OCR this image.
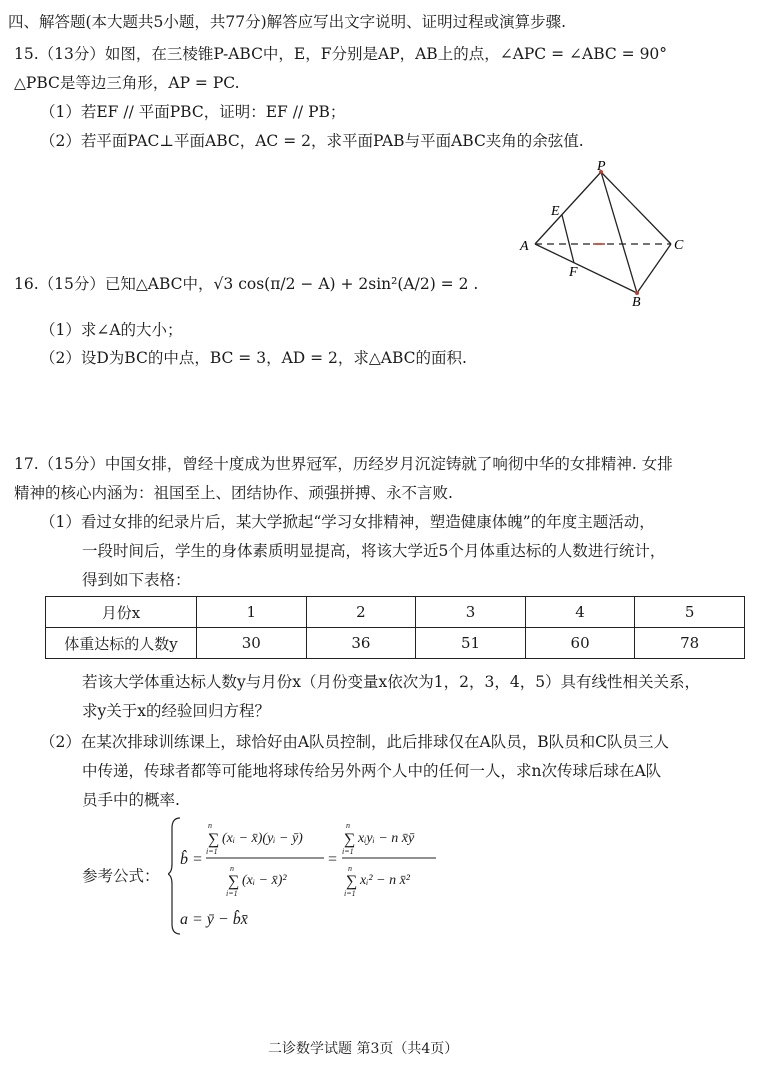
四、解答题(本大题共5小题，共77分)解答应写出文字说明、证明过程或演算步骤.
15.（13分）如图，在三棱锥P-ABC中，E，F分别是AP，AB上的点，∠APC = ∠ABC = 90°
△PBC是等边三角形，AP = PC.
（1）若EF // 平面PBC，证明：EF // PB；
（2）若平面PAC⊥平面ABC，AC = 2，求平面PAB与平面ABC夹角的余弦值.
P
E
A	C
F
B
16.（15分）已知△ABC中，√3 cos(π/2 − A) + 2sin²(A/2) = 2 .
（1）求∠A的大小；
（2）设D为BC的中点，BC = 3，AD = 2，求△ABC的面积.
17.（15分）中国女排，曾经十度成为世界冠军，历经岁月沉淀铸就了响彻中华的女排精神. 女排
精神的核心内涵为：祖国至上、团结协作、顽强拼搏、永不言败.
（1）看过女排的纪录片后，某大学掀起“学习女排精神，塑造健康体魄”的年度主题活动，
一段时间后，学生的身体素质明显提高，将该大学近5个月体重达标的人数进行统计，
得到如下表格：
月份x	1	2	3	4	5
体重达标的人数y	30	36	51	60	78
若该大学体重达标人数y与月份x（月份变量x依次为1，2，3，4，5）具有线性相关关系，
求y关于x的经验回归方程？
（2）在某次排球训练课上，球恰好由A队员控制，此后排球仅在A队员，B队员和C队员三人
中传递，传球者都等可能地将球传给另外两个人中的任何一人，求n次传球后球在A队
员手中的概率.
参考公式：
b̂ =
∑
n
i=1
(xᵢ − x̄)(yᵢ − ȳ)
∑
n
i=1
(xᵢ − x̄)²
=
∑
n
i=1
xᵢyᵢ − n x̄ȳ
∑
n
i=1
xᵢ² − n x̄²
a = ȳ − b̂x̄
二诊数学试题 第3页（共4页）
